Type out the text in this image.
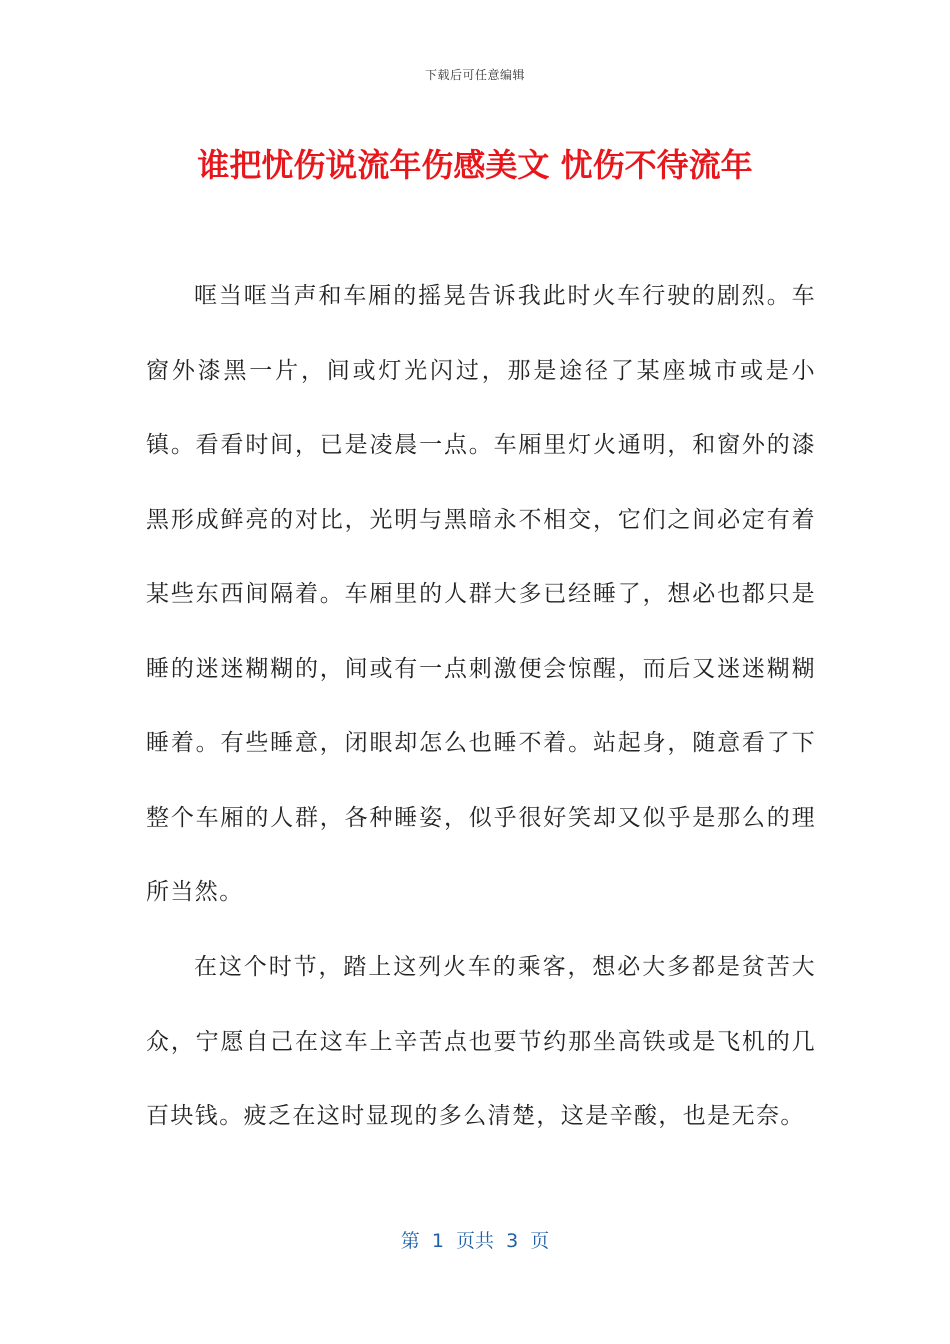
下载后可任意编辑
谁把忧伤说流年伤感美文 忧伤不待流年

哐当哐当声和车厢的摇晃告诉我此时火车行驶的剧烈。车窗外漆黑一片，间或灯光闪过，那是途径了某座城市或是小镇。看看时间，已是凌晨一点。车厢里灯火通明，和窗外的漆黑形成鲜亮的对比，光明与黑暗永不相交，它们之间必定有着某些东西间隔着。车厢里的人群大多已经睡了，想必也都只是睡的迷迷糊糊的，间或有一点刺激便会惊醒，而后又迷迷糊糊睡着。有些睡意，闭眼却怎么也睡不着。站起身，随意看了下整个车厢的人群，各种睡姿，似乎很好笑却又似乎是那么的理所当然。

在这个时节，踏上这列火车的乘客，想必大多都是贫苦大众，宁愿自己在这车上辛苦点也要节约那坐高铁或是飞机的几百块钱。疲乏在这时显现的多么清楚，这是辛酸，也是无奈。

第  1  页共  3  页
